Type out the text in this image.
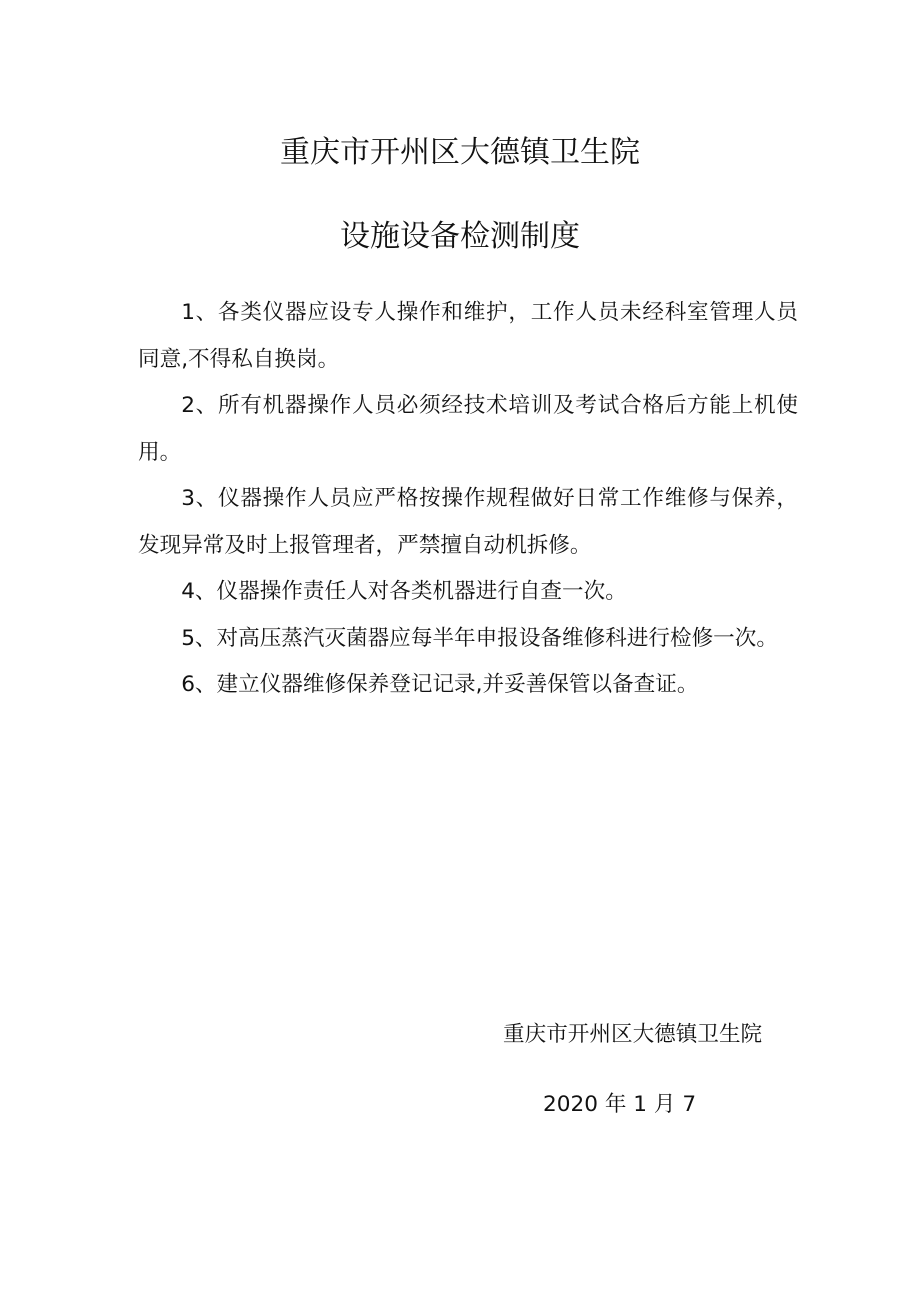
重庆市开州区大德镇卫生院
设施设备检测制度

1、各类仪器应设专人操作和维护，工作人员未经科室管理人员同意,不得私自换岗。

2、所有机器操作人员必须经技术培训及考试合格后方能上机使用。

3、仪器操作人员应严格按操作规程做好日常工作维修与保养，发现异常及时上报管理者，严禁擅自动机拆修。

4、仪器操作责任人对各类机器进行自查一次。

5、对高压蒸汽灭菌器应每半年申报设备维修科进行检修一次。

6、建立仪器维修保养登记记录,并妥善保管以备查证。

重庆市开州区大德镇卫生院
2020 年 1 月 7
